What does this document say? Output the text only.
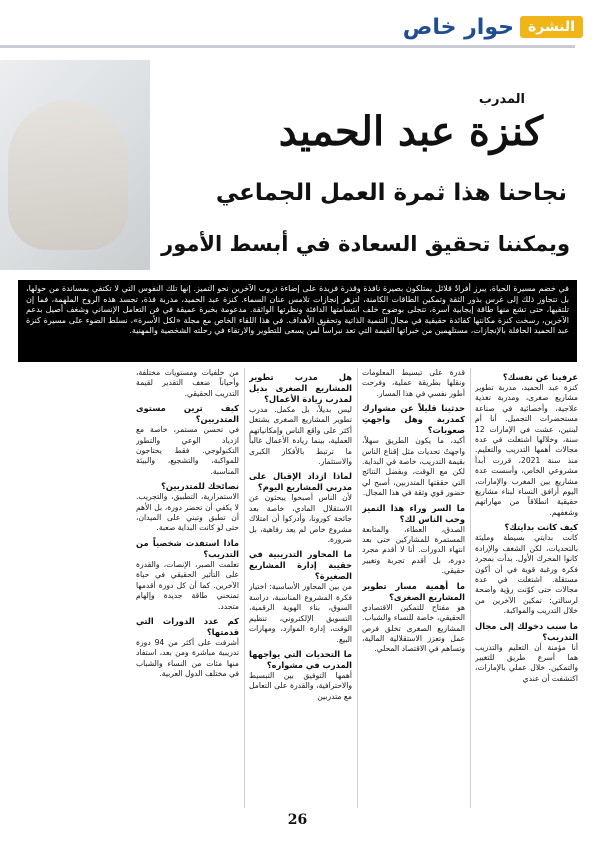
النشرة
حوار خاص
المدرب
كنزة عبد الحميد
نجاحنا هذا ثمرة العمل الجماعي
ويمكننا تحقيق السعادة في أبسط الأمور
في خضم مسيرة الحياة، يبرز أفرادٌ قلائل يمتلكون بصيرة نافذة وقدرة فريدة على إضاءة دروب الآخرين نحو التميز. إنها تلك النفوس التي لا تكتفي بمساندة من حولها، بل تتجاوز ذلك إلى غرس بذور الثقة وتمكين الطاقات الكامنة، لتزهر إنجازات تلامس عنان السماء. كنزة عبد الحميد، مدربة فذة، تجسد هذه الروح الملهمة، فما إن تلتقيها، حتى تشع منها طاقة إيجابية آسرة، تتجلى بوضوح خلف ابتسامتها الدافئة ونظرتها الواثقة. مدعومة بخبرة عميقة في فن التعامل الإنساني وشغف أصيل بدعم الآخرين، رسخت كنزة مكانتها كقائدة حقيقية في مجال التنمية الذاتية وتحقيق الأهداف. في هذا اللقاء الخاص مع مجلة «لكل الأسرة»، نسلط الضوء على مسيرة كنزة عبد الحميد الحافلة بالإنجازات، مستلهمين من خبراتها القيمة التي تعد نبراساً لمن يسعى للتطوير والارتقاء في رحلته الشخصية والمهنية.
عرفينا عن نفسك؟

كنزة عبد الحميد، مدربة تطوير مشاريع صغرى، ومدربة تغذية علاجية، وأخصائية في صناعة مستحضرات التجميل. أنا أم لبنتين، عشت في الإمارات 12 سنة، وخلالها اشتغلت في عدة مجالات أهمها التدريب والتعليم. منذ سنة 2021، قررت أبدأ مشروعي الخاص، وأسست عدة مشاريع بين المغرب والإمارات، اليوم أرافق النساء لبناء مشاريع حقيقية انطلاقاً من مهاراتهم وشغفهم.

كيف كانت بدايتك؟

كانت بدايتي بسيطة ومليئة بالتحديات، لكن الشغف والإرادة كانوا المحرك الأول. بدأت بمجرد فكرة ورغبة قوية في أن أكون مستقلة. اشتغلت في عدة مجالات حتى كوّنت رؤية واضحة لرسالتي: تمكين الآخرين من خلال التدريب والمواكبة.

ما سبب دخولك إلى مجال التدريب؟

أنا مؤمنة أن التعليم والتدريب هما أسرع طريق للتغيير والتمكين. خلال عملي بالإمارات، اكتشفت أن عندي

قدرة على تبسيط المعلومات ونقلها بطريقة عملية، وفرحت أطور نفسي في هذا المسار.

حدثينا قليلاً عن مشوارك كمدربة وهل واجهتِ صعوبات؟

أكيد، ما يكون الطريق سهلاً، واجهتُ تحديات مثل إقناع الناس بقيمة التدريب، خاصة في البداية. لكن مع الوقت، وبفضل النتائج التي حققتها المتدربين، أصبح لي حضور قوي وثقة في هذا المجال.

ما السر وراء هذا التميز وحب الناس لك؟

الصدق، العطاء، والمتابعة المستمرة للمشاركين حتى بعد انتهاء الدورات. أنا لا أقدم مجرد دورة، بل أقدم تجربة وتغيير حقيقي.

ما أهمية مسار تطوير المشاريع الصغرى؟

هو مفتاح للتمكين الاقتصادي الحقيقي، خاصة للنساء والشباب. المشاريع الصغرى تخلق فرص عمل وتعزز الاستقلالية المالية، وتساهم في الاقتصاد المحلي.

هل مدرب تطوير المشاريع الصغرى بديل لمدرب ريادة الأعمال؟

ليس بديلاً، بل مكمل. مدرب تطوير المشاريع الصغرى يشتغل أكثر على واقع الناس وإمكانياتهم العملية، بينما ريادة الأعمال غالباً ما ترتبط بالأفكار الكبرى والاستثمار.

لماذا ازداد الإقبال على مدربي المشاريع اليوم؟

لأن الناس أصبحوا يبحثون عن الاستقلال المادي، خاصة بعد جائحة كورونا، وأدركوا أن امتلاك مشروع خاص لم يعد رفاهية، بل ضرورة.

ما المحاور التدريبية في حقيبة إدارة المشاريع الصغيرة؟

من بين المحاور الأساسية: اختيار فكرة المشروع المناسبة، دراسة السوق، بناء الهوية الرقمية، التسويق الإلكتروني، تنظيم الوقت، إدارة الموارد، ومهارات البيع.

ما التحديات التي يواجهها المدرب في مشواره؟

أهمها التوفيق بين التبسيط والاحترافية، والقدرة على التعامل مع متدربين

من خلفيات ومستويات مختلفة، وأحياناً ضعف التقدير لقيمة التدريب الحقيقي.

كيف ترين مستوى المتدربين؟

في تحسن مستمر، خاصة مع ازدياد الوعي والتطور التكنولوجي. فقط يحتاجون للمواكبة، والتشجيع، والبيئة المناسبة.

نصائحك للمتدربين؟

الاستمرارية، التطبيق، والتجريب. لا يكفي أن تحضر دورة، بل الأهم أن تطبق وتبني على الميدان، حتى لو كانت البداية صعبة.

ماذا استفدت شخصياً من التدريب؟

تعلمت الصبر، الإنصات، والقدرة على التأثير الحقيقي في حياة الآخرين. كما أن كل دورة أقدمها تمنحني طاقة جديدة وإلهام متجدد.

كم عدد الدورات التي قدمتها؟

أشرفت على أكثر من 94 دورة تدريبية مباشرة ومن بعد، استفاد منها مئات من النساء والشباب في مختلف الدول العربية.

26
